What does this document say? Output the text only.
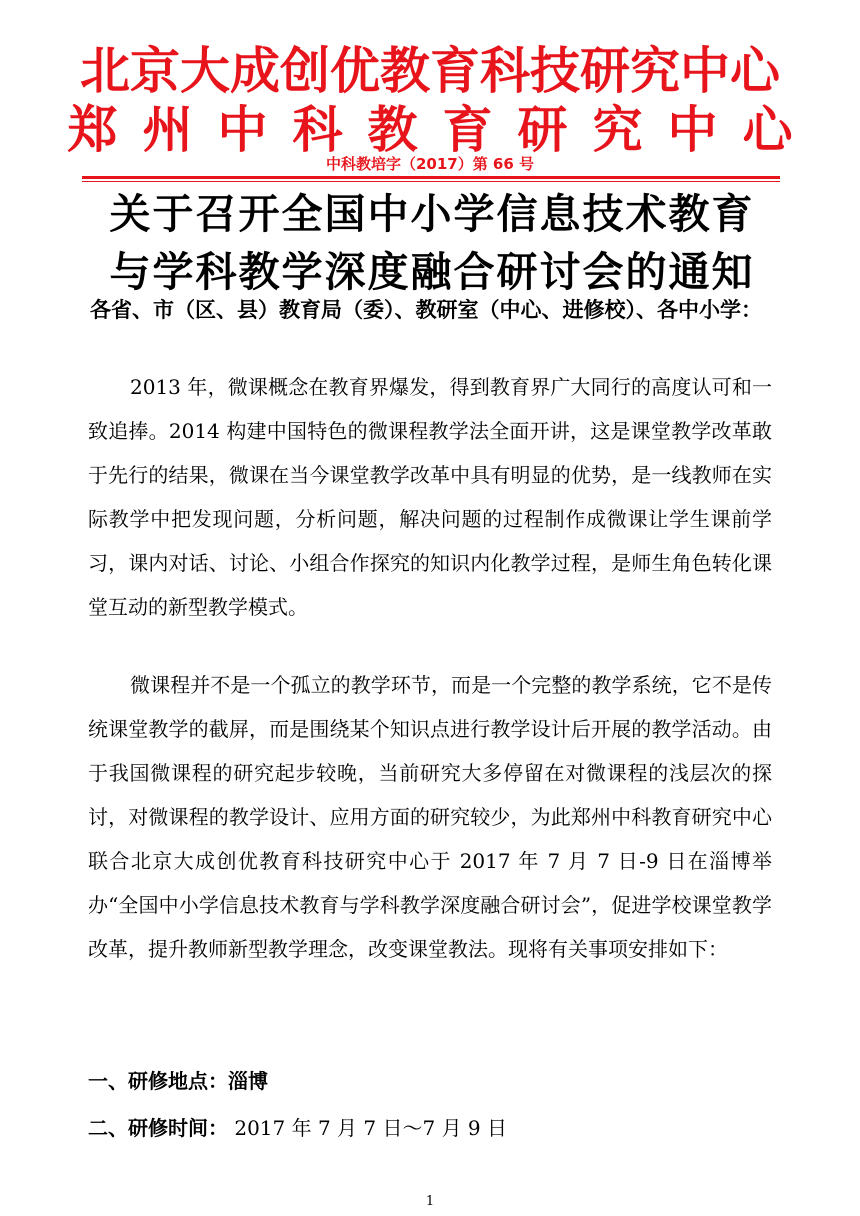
北京大成创优教育科技研究中心
郑州中科教育研究中心
中科教培字（2017）第 66 号
关于召开全国中小学信息技术教育
与学科教学深度融合研讨会的通知
各省、市（区、县）教育局（委）、教研室（中心、进修校）、各中小学：

2013 年，微课概念在教育界爆发，得到教育界广大同行的高度认可和一致追捧。2014 构建中国特色的微课程教学法全面开讲，这是课堂教学改革敢于先行的结果，微课在当今课堂教学改革中具有明显的优势，是一线教师在实际教学中把发现问题，分析问题，解决问题的过程制作成微课让学生课前学习，课内对话、讨论、小组合作探究的知识内化教学过程，是师生角色转化课堂互动的新型教学模式。

微课程并不是一个孤立的教学环节，而是一个完整的教学系统，它不是传统课堂教学的截屏，而是围绕某个知识点进行教学设计后开展的教学活动。由于我国微课程的研究起步较晚，当前研究大多停留在对微课程的浅层次的探讨，对微课程的教学设计、应用方面的研究较少，为此郑州中科教育研究中心联合北京大成创优教育科技研究中心于 2017 年 7 月 7 日-9 日在淄博举办“全国中小学信息技术教育与学科教学深度融合研讨会”，促进学校课堂教学改革，提升教师新型教学理念，改变课堂教法。现将有关事项安排如下：

一、研修地点：淄博
二、研修时间： 2017 年 7 月 7 日～7 月 9 日
1
